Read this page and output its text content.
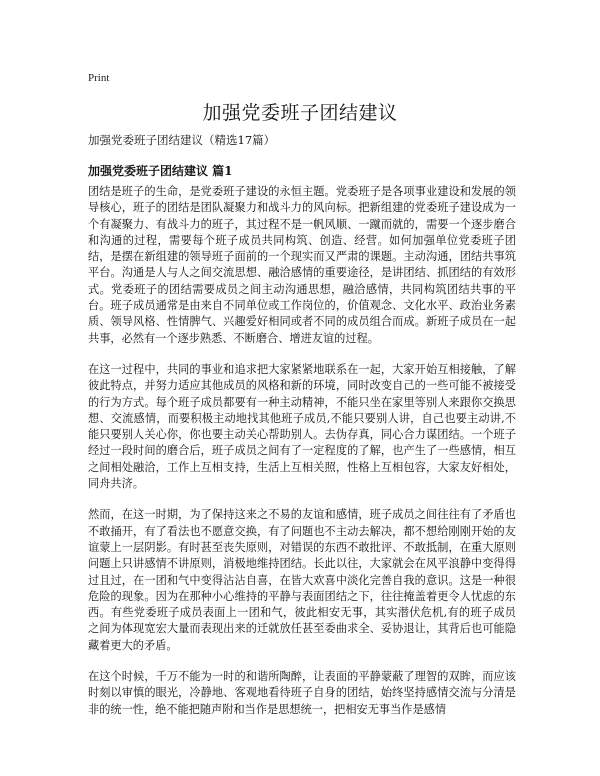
Print
加强党委班子团结建议
加强党委班子团结建议（精选17篇）
加强党委班子团结建议 篇1

团结是班子的生命，是党委班子建设的永恒主题。党委班子是各项事业建设和发展的领导核心，班子的团结是团队凝聚力和战斗力的风向标。把新组建的党委班子建设成为一个有凝聚力、有战斗力的班子，其过程不是一帆风顺、一蹴而就的，需要一个逐步磨合和沟通的过程，需要每个班子成员共同构筑、创造、经营。如何加强单位党委班子团结，是摆在新组建的领导班子面前的一个现实而又严肃的课题。主动沟通，团结共事筑平台。沟通是人与人之间交流思想、融洽感情的重要途径，是讲团结、抓团结的有效形式。党委班子的团结需要成员之间主动沟通思想，融洽感情，共同构筑团结共事的平台。班子成员通常是由来自不同单位或工作岗位的，价值观念、文化水平、政治业务素质、领导风格、性情脾气、兴趣爱好相同或者不同的成员组合而成。新班子成员在一起共事，必然有一个逐步熟悉、不断磨合、增进友谊的过程。

在这一过程中，共同的事业和追求把大家紧紧地联系在一起，大家开始互相接触，了解彼此特点，并努力适应其他成员的风格和新的环境，同时改变自己的一些可能不被接受的行为方式。每个班子成员都要有一种主动精神，不能只坐在家里等别人来跟你交换思想、交流感情，而要积极主动地找其他班子成员,不能只要别人讲，自己也要主动讲,不能只要别人关心你，你也要主动关心帮助别人。去伪存真，同心合力谋团结。一个班子经过一段时间的磨合后，班子成员之间有了一定程度的了解，也产生了一些感情，相互之间相处融洽，工作上互相支持，生活上互相关照，性格上互相包容，大家友好相处，同舟共济。

然而，在这一时期，为了保持这来之不易的友谊和感情，班子成员之间往往有了矛盾也不敢捅开，有了看法也不愿意交换，有了问题也不主动去解决，都不想给刚刚开始的友谊蒙上一层阴影。有时甚至丧失原则，对错误的东西不敢批评、不敢抵制，在重大原则问题上只讲感情不讲原则，消极地维持团结。长此以往，大家就会在风平浪静中变得得过且过，在一团和气中变得沾沾自喜，在皆大欢喜中淡化完善自我的意识。这是一种很危险的现象。因为在那种小心维持的平静与表面团结之下，往往掩盖着更令人忧虑的东西。有些党委班子成员表面上一团和气，彼此相安无事，其实潜伏危机,有的班子成员之间为体现宽宏大量而表现出来的迁就放任甚至委曲求全、妥协退让，其背后也可能隐藏着更大的矛盾。

在这个时候，千万不能为一时的和谐所陶醉，让表面的平静蒙蔽了理智的双眸，而应该时刻以审慎的眼光，冷静地、客观地看待班子自身的团结，始终坚持感情交流与分清是非的统一性，绝不能把随声附和当作是思想统一，把相安无事当作是感情
